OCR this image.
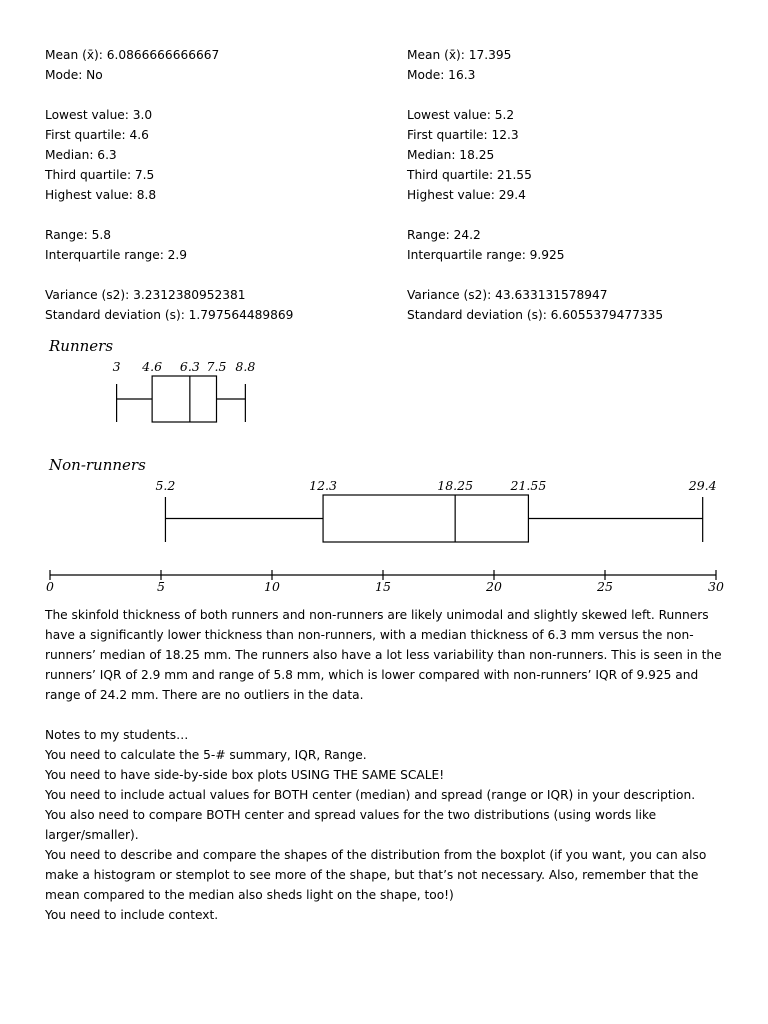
Mean (x̄): 6.0866666666667
Mode: No
Lowest value: 3.0
First quartile: 4.6
Median: 6.3
Third quartile: 7.5
Highest value: 8.8
Range: 5.8
Interquartile range: 2.9
Variance (s2): 3.2312380952381
Standard deviation (s): 1.797564489869
Mean (x̄): 17.395
Mode: 16.3
Lowest value: 5.2
First quartile: 12.3
Median: 18.25
Third quartile: 21.55
Highest value: 29.4
Range: 24.2
Interquartile range: 9.925
Variance (s2): 43.633131578947
Standard deviation (s): 6.6055379477335
Runners
Non-runners
3 4.6 6.3 7.5 8.8
5.2	12.3	18.25	21.55	29.4
0	5	10	15	20	25	30
The skinfold thickness of both runners and non-runners are likely unimodal and slightly skewed left. Runners have a significantly lower thickness than non-runners, with a median thickness of 6.3 mm versus the non-runners’ median of 18.25 mm. The runners also have a lot less variability than non-runners. This is seen in the runners’ IQR of 2.9 mm and range of 5.8 mm, which is lower compared with non-runners’ IQR of 9.925 and range of 24.2 mm. There are no outliers in the data.
Notes to my students…
You need to calculate the 5-# summary, IQR, Range.
You need to have side-by-side box plots USING THE SAME SCALE!
You need to include actual values for BOTH center (median) and spread (range or IQR) in your description.
You also need to compare BOTH center and spread values for the two distributions (using words like larger/smaller).
You need to describe and compare the shapes of the distribution from the boxplot (if you want, you can also make a histogram or stemplot to see more of the shape, but that’s not necessary. Also, remember that the mean compared to the median also sheds light on the shape, too!)
You need to include context.
